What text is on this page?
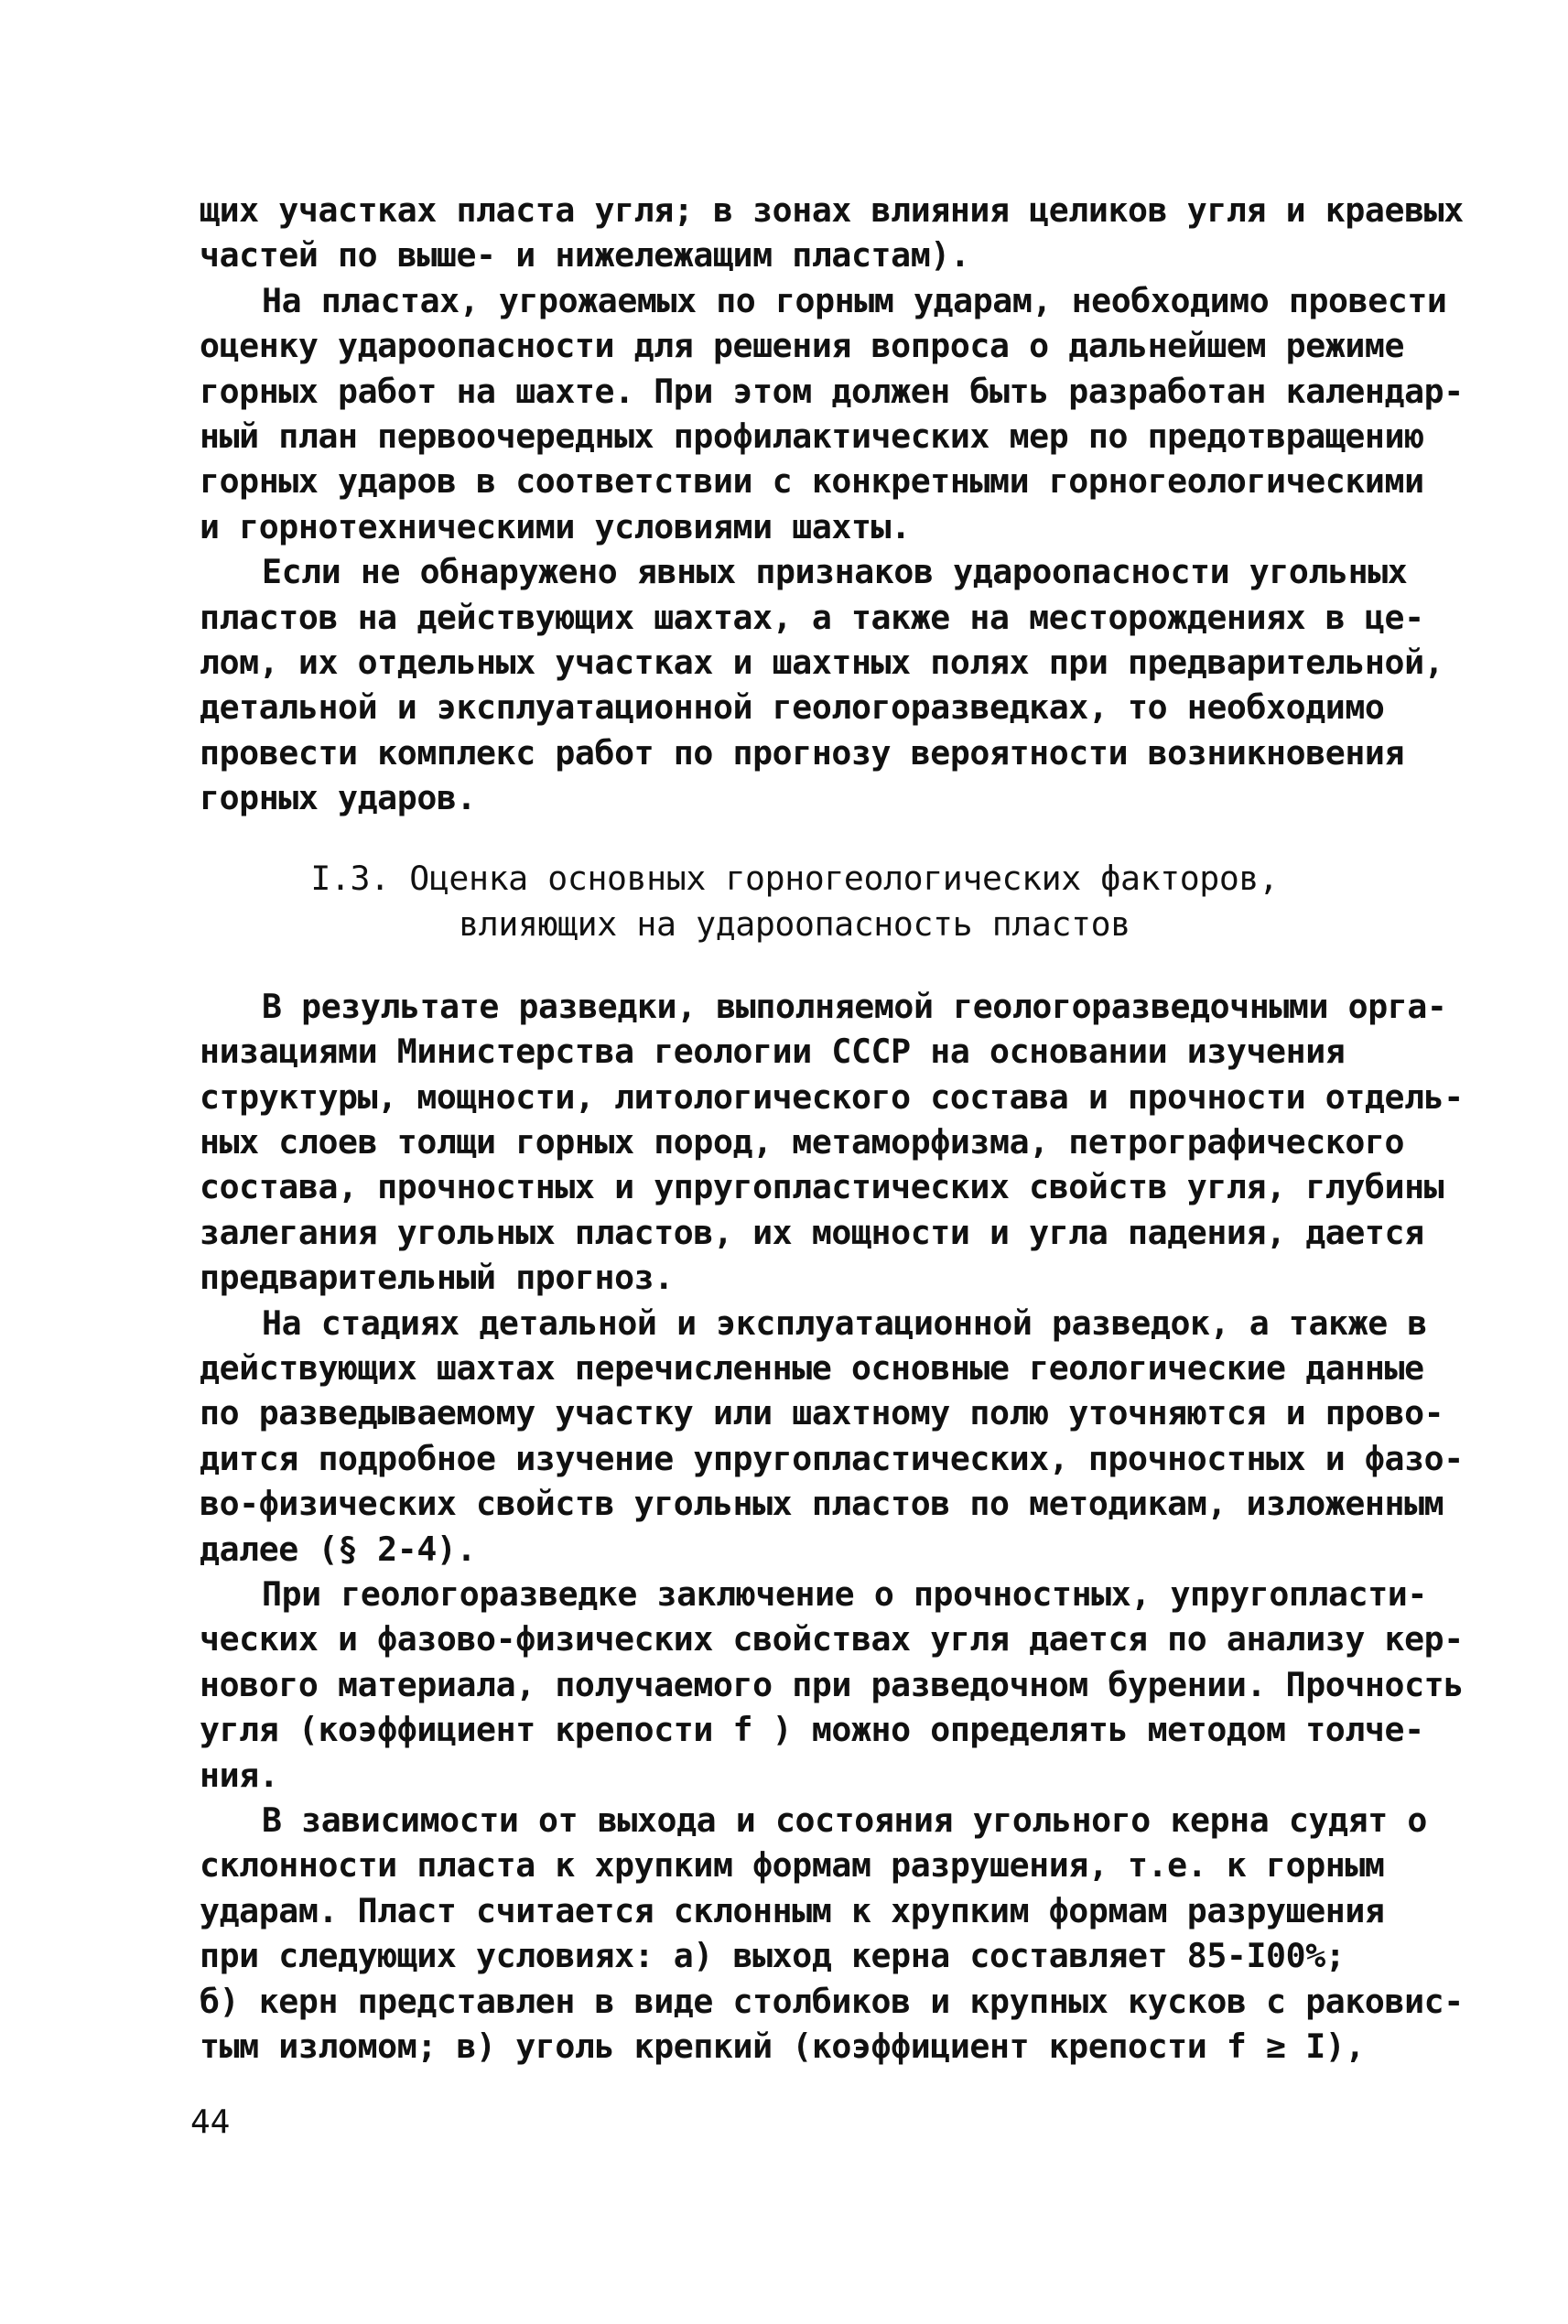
щих участках пласта угля; в зонах влияния целиков угля и краевых
частей по выше- и нижележащим пластам).
На пластах, угрожаемых по горным ударам, необходимо провести
оценку удароопасности для решения вопроса о дальнейшем режиме
горных работ на шахте. При этом должен быть разработан календар-
ный план первоочередных профилактических мер по предотвращению
горных ударов в соответствии с конкретными горногеологическими
и горнотехническими условиями шахты.
Если не обнаружено явных признаков удароопасности угольных
пластов на действующих шахтах, а также на месторождениях в це-
лом, их отдельных участках и шахтных полях при предварительной,
детальной и эксплуатационной геологоразведках, то необходимо
провести комплекс работ по прогнозу вероятности возникновения
горных ударов.
I.3. Оценка основных горногеологических факторов,
влияющих на удароопасность пластов
В результате разведки, выполняемой геологоразведочными орга-
низациями Министерства геологии СССР на основании изучения
структуры, мощности, литологического состава и прочности отдель-
ных слоев толщи горных пород, метаморфизма, петрографического
состава, прочностных и упругопластических свойств угля, глубины
залегания угольных пластов, их мощности и угла падения, дается
предварительный прогноз.
На стадиях детальной и эксплуатационной разведок, а также в
действующих шахтах перечисленные основные геологические данные
по разведываемому участку или шахтному полю уточняются и прово-
дится подробное изучение упругопластических, прочностных и фазо-
во-физических свойств угольных пластов по методикам, изложенным
далее (§ 2-4).
При геологоразведке заключение о прочностных, упругопласти-
ческих и фазово-физических свойствах угля дается по анализу кер-
нового материала, получаемого при разведочном бурении. Прочность
угля (коэффициент крепости f ) можно определять методом толче-
ния.
В зависимости от выхода и состояния угольного керна судят о
склонности пласта к хрупким формам разрушения, т.е. к горным
ударам. Пласт считается склонным к хрупким формам разрушения
при следующих условиях: а) выход керна составляет 85-I00%;
б) керн представлен в виде столбиков и крупных кусков с раковис-
тым изломом; в) уголь крепкий (коэффициент крепости f ≥ I),
44
